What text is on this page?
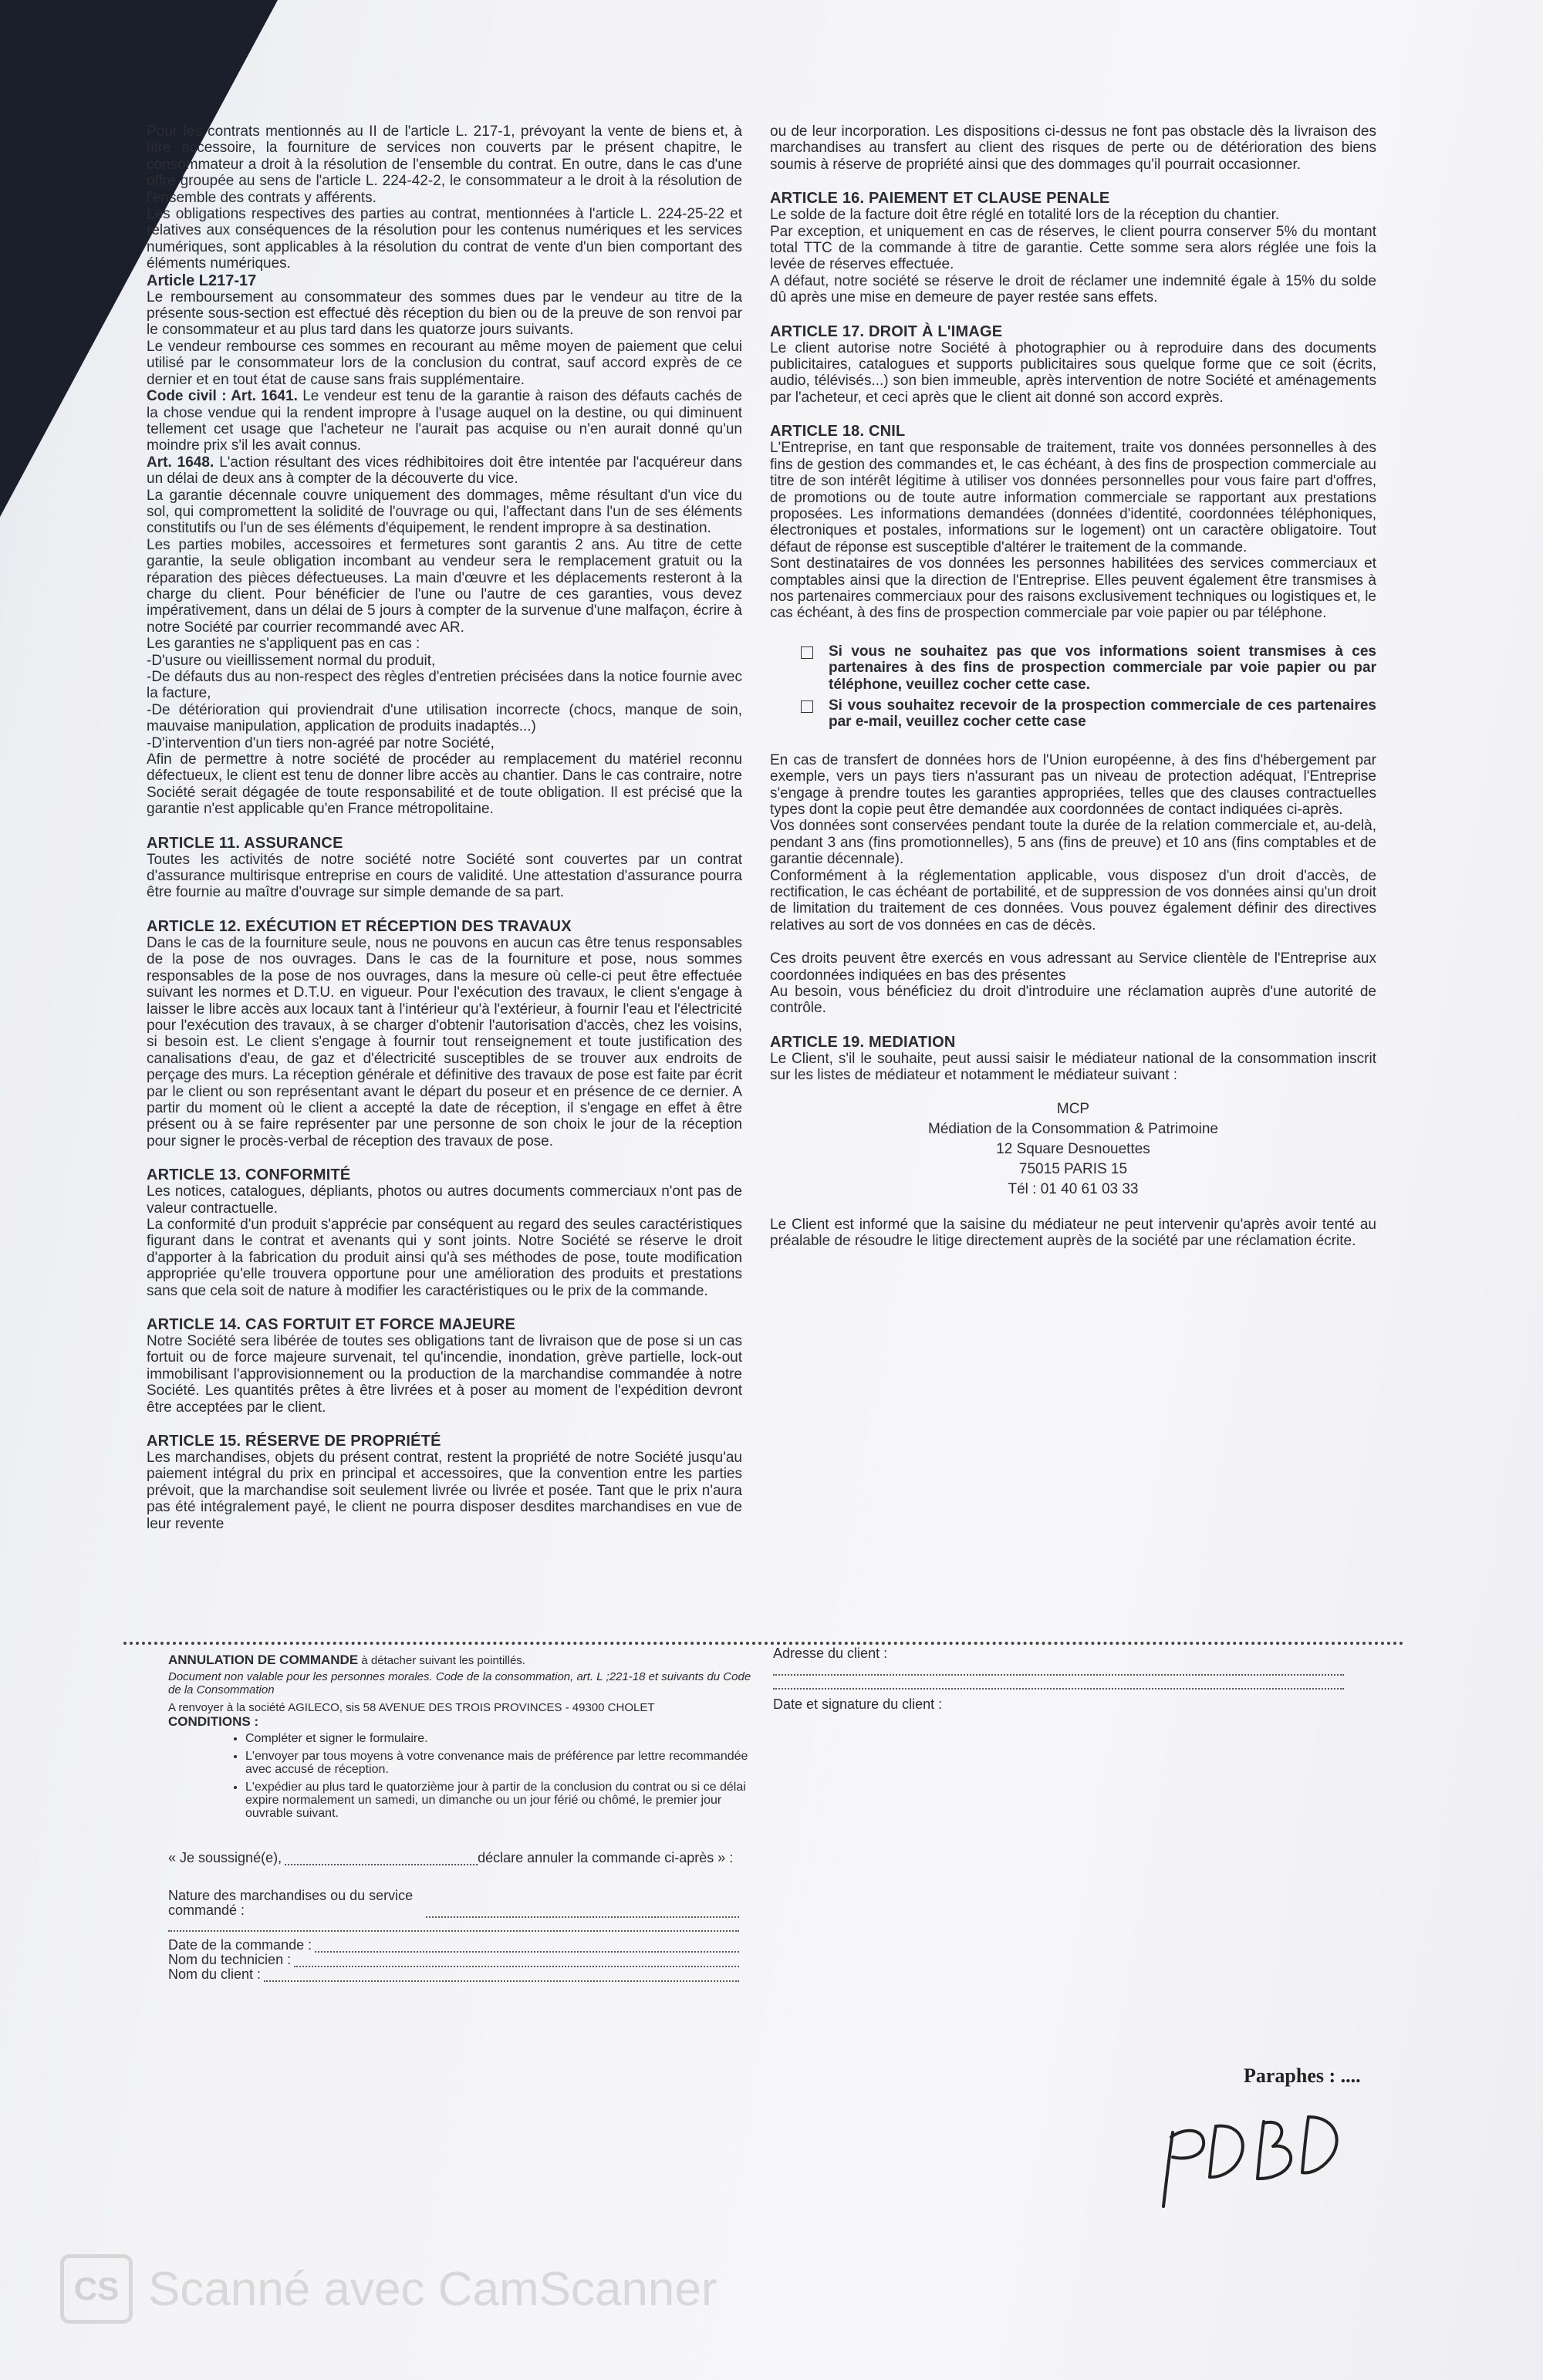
Pour les contrats mentionnés au II de l'article L. 217-1, prévoyant la vente de biens et, à titre accessoire, la fourniture de services non couverts par le présent chapitre, le consommateur a droit à la résolution de l'ensemble du contrat. En outre, dans le cas d'une offre groupée au sens de l'article L. 224-42-2, le consommateur a le droit à la résolution de l'ensemble des contrats y afférents.

Les obligations respectives des parties au contrat, mentionnées à l'article L. 224-25-22 et relatives aux conséquences de la résolution pour les contenus numériques et les services numériques, sont applicables à la résolution du contrat de vente d'un bien comportant des éléments numériques.

Article L217-17

Le remboursement au consommateur des sommes dues par le vendeur au titre de la présente sous-section est effectué dès réception du bien ou de la preuve de son renvoi par le consommateur et au plus tard dans les quatorze jours suivants.

Le vendeur rembourse ces sommes en recourant au même moyen de paiement que celui utilisé par le consommateur lors de la conclusion du contrat, sauf accord exprès de ce dernier et en tout état de cause sans frais supplémentaire.

Code civil : Art. 1641. Le vendeur est tenu de la garantie à raison des défauts cachés de la chose vendue qui la rendent impropre à l'usage auquel on la destine, ou qui diminuent tellement cet usage que l'acheteur ne l'aurait pas acquise ou n'en aurait donné qu'un moindre prix s'il les avait connus.

Art. 1648. L'action résultant des vices rédhibitoires doit être intentée par l'acquéreur dans un délai de deux ans à compter de la découverte du vice.

La garantie décennale couvre uniquement des dommages, même résultant d'un vice du sol, qui compromettent la solidité de l'ouvrage ou qui, l'affectant dans l'un de ses éléments constitutifs ou l'un de ses éléments d'équipement, le rendent impropre à sa destination.

Les parties mobiles, accessoires et fermetures sont garantis 2 ans. Au titre de cette garantie, la seule obligation incombant au vendeur sera le remplacement gratuit ou la réparation des pièces défectueuses. La main d'œuvre et les déplacements resteront à la charge du client. Pour bénéficier de l'une ou l'autre de ces garanties, vous devez impérativement, dans un délai de 5 jours à compter de la survenue d'une malfaçon, écrire à notre Société par courrier recommandé avec AR.

Les garanties ne s'appliquent pas en cas :

-D'usure ou vieillissement normal du produit,

-De défauts dus au non-respect des règles d'entretien précisées dans la notice fournie avec la facture,

-De détérioration qui proviendrait d'une utilisation incorrecte (chocs, manque de soin, mauvaise manipulation, application de produits inadaptés...)

-D'intervention d'un tiers non-agréé par notre Société,

Afin de permettre à notre société de procéder au remplacement du matériel reconnu défectueux, le client est tenu de donner libre accès au chantier. Dans le cas contraire, notre Société serait dégagée de toute responsabilité et de toute obligation. Il est précisé que la garantie n'est applicable qu'en France métropolitaine.

ARTICLE 11. ASSURANCE

Toutes les activités de notre société notre Société sont couvertes par un contrat d'assurance multirisque entreprise en cours de validité. Une attestation d'assurance pourra être fournie au maître d'ouvrage sur simple demande de sa part.

ARTICLE 12. EXÉCUTION ET RÉCEPTION DES TRAVAUX

Dans le cas de la fourniture seule, nous ne pouvons en aucun cas être tenus responsables de la pose de nos ouvrages. Dans le cas de la fourniture et pose, nous sommes responsables de la pose de nos ouvrages, dans la mesure où celle-ci peut être effectuée suivant les normes et D.T.U. en vigueur. Pour l'exécution des travaux, le client s'engage à laisser le libre accès aux locaux tant à l'intérieur qu'à l'extérieur, à fournir l'eau et l'électricité pour l'exécution des travaux, à se charger d'obtenir l'autorisation d'accès, chez les voisins, si besoin est. Le client s'engage à fournir tout renseignement et toute justification des canalisations d'eau, de gaz et d'électricité susceptibles de se trouver aux endroits de perçage des murs. La réception générale et définitive des travaux de pose est faite par écrit par le client ou son représentant avant le départ du poseur et en présence de ce dernier. A partir du moment où le client a accepté la date de réception, il s'engage en effet à être présent ou à se faire représenter par une personne de son choix le jour de la réception pour signer le procès-verbal de réception des travaux de pose.

ARTICLE 13. CONFORMITÉ

Les notices, catalogues, dépliants, photos ou autres documents commerciaux n'ont pas de valeur contractuelle.

La conformité d'un produit s'apprécie par conséquent au regard des seules caractéristiques figurant dans le contrat et avenants qui y sont joints. Notre Société se réserve le droit d'apporter à la fabrication du produit ainsi qu'à ses méthodes de pose, toute modification appropriée qu'elle trouvera opportune pour une amélioration des produits et prestations sans que cela soit de nature à modifier les caractéristiques ou le prix de la commande.

ARTICLE 14. CAS FORTUIT ET FORCE MAJEURE

Notre Société sera libérée de toutes ses obligations tant de livraison que de pose si un cas fortuit ou de force majeure survenait, tel qu'incendie, inondation, grève partielle, lock-out immobilisant l'approvisionnement ou la production de la marchandise commandée à notre Société. Les quantités prêtes à être livrées et à poser au moment de l'expédition devront être acceptées par le client.

ARTICLE 15. RÉSERVE DE PROPRIÉTÉ

Les marchandises, objets du présent contrat, restent la propriété de notre Société jusqu'au paiement intégral du prix en principal et accessoires, que la convention entre les parties prévoit, que la marchandise soit seulement livrée ou livrée et posée. Tant que le prix n'aura pas été intégralement payé, le client ne pourra disposer desdites marchandises en vue de leur revente

ou de leur incorporation. Les dispositions ci-dessus ne font pas obstacle dès la livraison des marchandises au transfert au client des risques de perte ou de détérioration des biens soumis à réserve de propriété ainsi que des dommages qu'il pourrait occasionner.

ARTICLE 16. PAIEMENT ET CLAUSE PENALE

Le solde de la facture doit être réglé en totalité lors de la réception du chantier.

Par exception, et uniquement en cas de réserves, le client pourra conserver 5% du montant total TTC de la commande à titre de garantie. Cette somme sera alors réglée une fois la levée de réserves effectuée.

A défaut, notre société se réserve le droit de réclamer une indemnité égale à 15% du solde dû après une mise en demeure de payer restée sans effets.

ARTICLE 17. DROIT À L'IMAGE

Le client autorise notre Société à photographier ou à reproduire dans des documents publicitaires, catalogues et supports publicitaires sous quelque forme que ce soit (écrits, audio, télévisés...) son bien immeuble, après intervention de notre Société et aménagements par l'acheteur, et ceci après que le client ait donné son accord exprès.

ARTICLE 18. CNIL

L'Entreprise, en tant que responsable de traitement, traite vos données personnelles à des fins de gestion des commandes et, le cas échéant, à des fins de prospection commerciale au titre de son intérêt légitime à utiliser vos données personnelles pour vous faire part d'offres, de promotions ou de toute autre information commerciale se rapportant aux prestations proposées. Les informations demandées (données d'identité, coordonnées téléphoniques, électroniques et postales, informations sur le logement) ont un caractère obligatoire. Tout défaut de réponse est susceptible d'altérer le traitement de la commande.

Sont destinataires de vos données les personnes habilitées des services commerciaux et comptables ainsi que la direction de l'Entreprise. Elles peuvent également être transmises à nos partenaires commerciaux pour des raisons exclusivement techniques ou logistiques et, le cas échéant, à des fins de prospection commerciale par voie papier ou par téléphone.

Si vous ne souhaitez pas que vos informations soient transmises à ces partenaires à des fins de prospection commerciale par voie papier ou par téléphone, veuillez cocher cette case.
Si vous souhaitez recevoir de la prospection commerciale de ces partenaires par e-mail, veuillez cocher cette case

En cas de transfert de données hors de l'Union européenne, à des fins d'hébergement par exemple, vers un pays tiers n'assurant pas un niveau de protection adéquat, l'Entreprise s'engage à prendre toutes les garanties appropriées, telles que des clauses contractuelles types dont la copie peut être demandée aux coordonnées de contact indiquées ci-après.

Vos données sont conservées pendant toute la durée de la relation commerciale et, au-delà, pendant 3 ans (fins promotionnelles), 5 ans (fins de preuve) et 10 ans (fins comptables et de garantie décennale).

Conformément à la réglementation applicable, vous disposez d'un droit d'accès, de rectification, le cas échéant de portabilité, et de suppression de vos données ainsi qu'un droit de limitation du traitement de ces données. Vous pouvez également définir des directives relatives au sort de vos données en cas de décès.

Ces droits peuvent être exercés en vous adressant au Service clientèle de l'Entreprise aux coordonnées indiquées en bas des présentes

Au besoin, vous bénéficiez du droit d'introduire une réclamation auprès d'une autorité de contrôle.

ARTICLE 19. MEDIATION

Le Client, s'il le souhaite, peut aussi saisir le médiateur national de la consommation inscrit sur les listes de médiateur et notamment le médiateur suivant :

MCP

Médiation de la Consommation & Patrimoine

12 Square Desnouettes

75015 PARIS 15

Tél : 01 40 61 03 33

Le Client est informé que la saisine du médiateur ne peut intervenir qu'après avoir tenté au préalable de résoudre le litige directement auprès de la société par une réclamation écrite.

ANNULATION DE COMMANDE à détacher suivant les pointillés.
Document non valable pour les personnes morales. Code de la consommation, art. L ;221-18 et suivants du Code de la Consommation
A renvoyer à la société AGILECO, sis 58 AVENUE DES TROIS PROVINCES - 49300 CHOLET
CONDITIONS :
• Compléter et signer le formulaire.
• L'envoyer par tous moyens à votre convenance mais de préférence par lettre recommandée avec accusé de réception.
• L'expédier au plus tard le quatorzième jour à partir de la conclusion du contrat ou si ce délai expire normalement un samedi, un dimanche ou un jour férié ou chômé, le premier jour ouvrable suivant.
« Je soussigné(e),	déclare annuler la commande ci-après » :
Nature des marchandises ou du service commandé :
Date de la commande :
Nom du technicien :
Nom du client :
Adresse du client :
Date et signature du client :
Paraphes : ....
CS Scanné avec CamScanner
